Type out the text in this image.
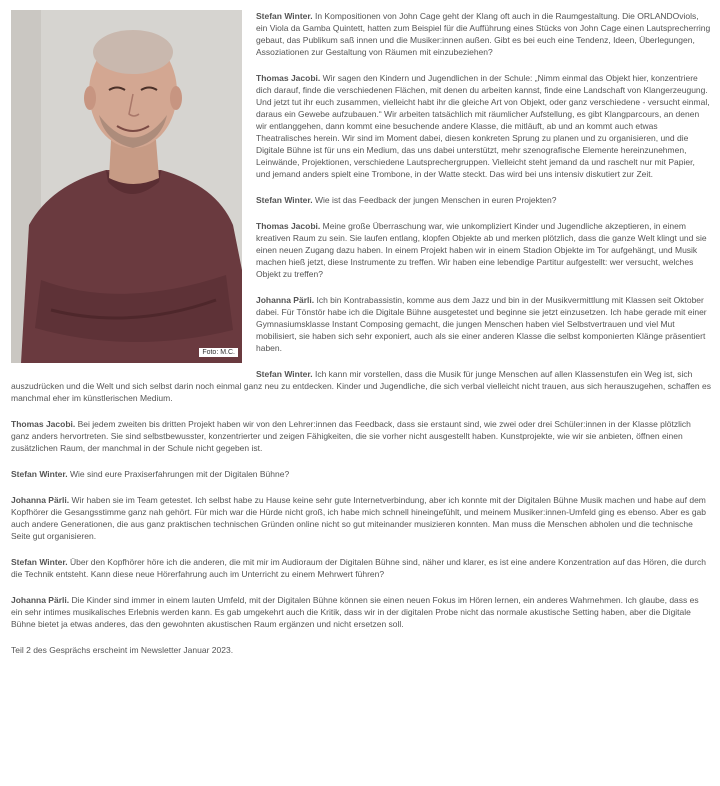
Foto: M.C.

Stefan Winter. In Kompositionen von John Cage geht der Klang oft auch in die Raumgestaltung. Die ORLANDOviols, ein Viola da Gamba Quintett, hatten zum Beispiel für die Aufführung eines Stücks von John Cage einen Lautsprecherring gebaut, das Publikum saß innen und die Musiker:innen außen. Gibt es bei euch eine Tendenz, Ideen, Überlegungen, Assoziationen zur Gestaltung von Räumen mit einzubeziehen?

Thomas Jacobi. Wir sagen den Kindern und Jugendlichen in der Schule: „Nimm einmal das Objekt hier, konzentriere dich darauf, finde die verschiedenen Flächen, mit denen du arbeiten kannst, finde eine Landschaft von Klangerzeugung. Und jetzt tut ihr euch zusammen, vielleicht habt ihr die gleiche Art von Objekt, oder ganz verschiedene - versucht einmal, daraus ein Gewebe aufzubauen.“ Wir arbeiten tatsächlich mit räumlicher Aufstellung, es gibt Klangparcours, an denen wir entlanggehen, dann kommt eine besuchende andere Klasse, die mitläuft, ab und an kommt auch etwas Theatralisches herein. Wir sind im Moment dabei, diesen konkreten Sprung zu planen und zu organisieren, und die Digitale Bühne ist für uns ein Medium, das uns dabei unterstützt, mehr szenografische Elemente hereinzunehmen, Leinwände, Projektionen, verschiedene Lautsprechergruppen. Vielleicht steht jemand da und raschelt nur mit Papier, und jemand anders spielt eine Trombone, in der Watte steckt. Das wird bei uns intensiv diskutiert zur Zeit.

Stefan Winter. Wie ist das Feedback der jungen Menschen in euren Projekten?

Thomas Jacobi. Meine große Überraschung war, wie unkompliziert Kinder und Jugendliche akzeptieren, in einem kreativen Raum zu sein. Sie laufen entlang, klopfen Objekte ab und merken plötzlich, dass die ganze Welt klingt und sie einen neuen Zugang dazu haben. In einem Projekt haben wir in einem Stadion Objekte im Tor aufgehängt, und Musik machen hieß jetzt, diese Instrumente zu treffen. Wir haben eine lebendige Partitur aufgestellt: wer versucht, welches Objekt zu treffen?

Johanna Pärli. Ich bin Kontrabassistin, komme aus dem Jazz und bin in der Musikvermittlung mit Klassen seit Oktober dabei. Für Tönstör habe ich die Digitale Bühne ausgetestet und beginne sie jetzt einzusetzen. Ich habe gerade mit einer Gymnasiumsklasse Instant Composing gemacht, die jungen Menschen haben viel Selbstvertrauen und viel Mut mobilisiert, sie haben sich sehr exponiert, auch als sie einer anderen Klasse die selbst komponierten Klänge präsentiert haben.

Stefan Winter. Ich kann mir vorstellen, dass die Musik für junge Menschen auf allen Klassenstufen ein Weg ist, sich auszudrücken und die Welt und sich selbst darin noch einmal ganz neu zu entdecken. Kinder und Jugendliche, die sich verbal vielleicht nicht trauen, aus sich herauszugehen, schaffen es manchmal eher im künstlerischen Medium.

Thomas Jacobi. Bei jedem zweiten bis dritten Projekt haben wir von den Lehrer:innen das Feedback, dass sie erstaunt sind, wie zwei oder drei Schüler:innen in der Klasse plötzlich ganz anders hervortreten. Sie sind selbstbewusster, konzentrierter und zeigen Fähigkeiten, die sie vorher nicht ausgestellt haben. Kunstprojekte, wie wir sie anbieten, öffnen einen zusätzlichen Raum, der manchmal in der Schule nicht gegeben ist.

Stefan Winter. Wie sind eure Praxiserfahrungen mit der Digitalen Bühne?

Johanna Pärli. Wir haben sie im Team getestet. Ich selbst habe zu Hause keine sehr gute Internetverbindung, aber ich konnte mit der Digitalen Bühne Musik machen und habe auf dem Kopfhörer die Gesangsstimme ganz nah gehört. Für mich war die Hürde nicht groß, ich habe mich schnell hineingefühlt, und meinem Musiker:innen-Umfeld ging es ebenso. Aber es gab auch andere Generationen, die aus ganz praktischen technischen Gründen online nicht so gut miteinander musizieren konnten. Man muss die Menschen abholen und die technische Seite gut organisieren.

Stefan Winter. Über den Kopfhörer höre ich die anderen, die mit mir im Audioraum der Digitalen Bühne sind, näher und klarer, es ist eine andere Konzentration auf das Hören, die durch die Technik entsteht. Kann diese neue Hörerfahrung auch im Unterricht zu einem Mehrwert führen?

Johanna Pärli. Die Kinder sind immer in einem lauten Umfeld, mit der Digitalen Bühne können sie einen neuen Fokus im Hören lernen, ein anderes Wahrnehmen. Ich glaube, dass es ein sehr intimes musikalisches Erlebnis werden kann. Es gab umgekehrt auch die Kritik, dass wir in der digitalen Probe nicht das normale akustische Setting haben, aber die Digitale Bühne bietet ja etwas anderes, das den gewohnten akustischen Raum ergänzen und nicht ersetzen soll.

Teil 2 des Gesprächs erscheint im Newsletter Januar 2023.
